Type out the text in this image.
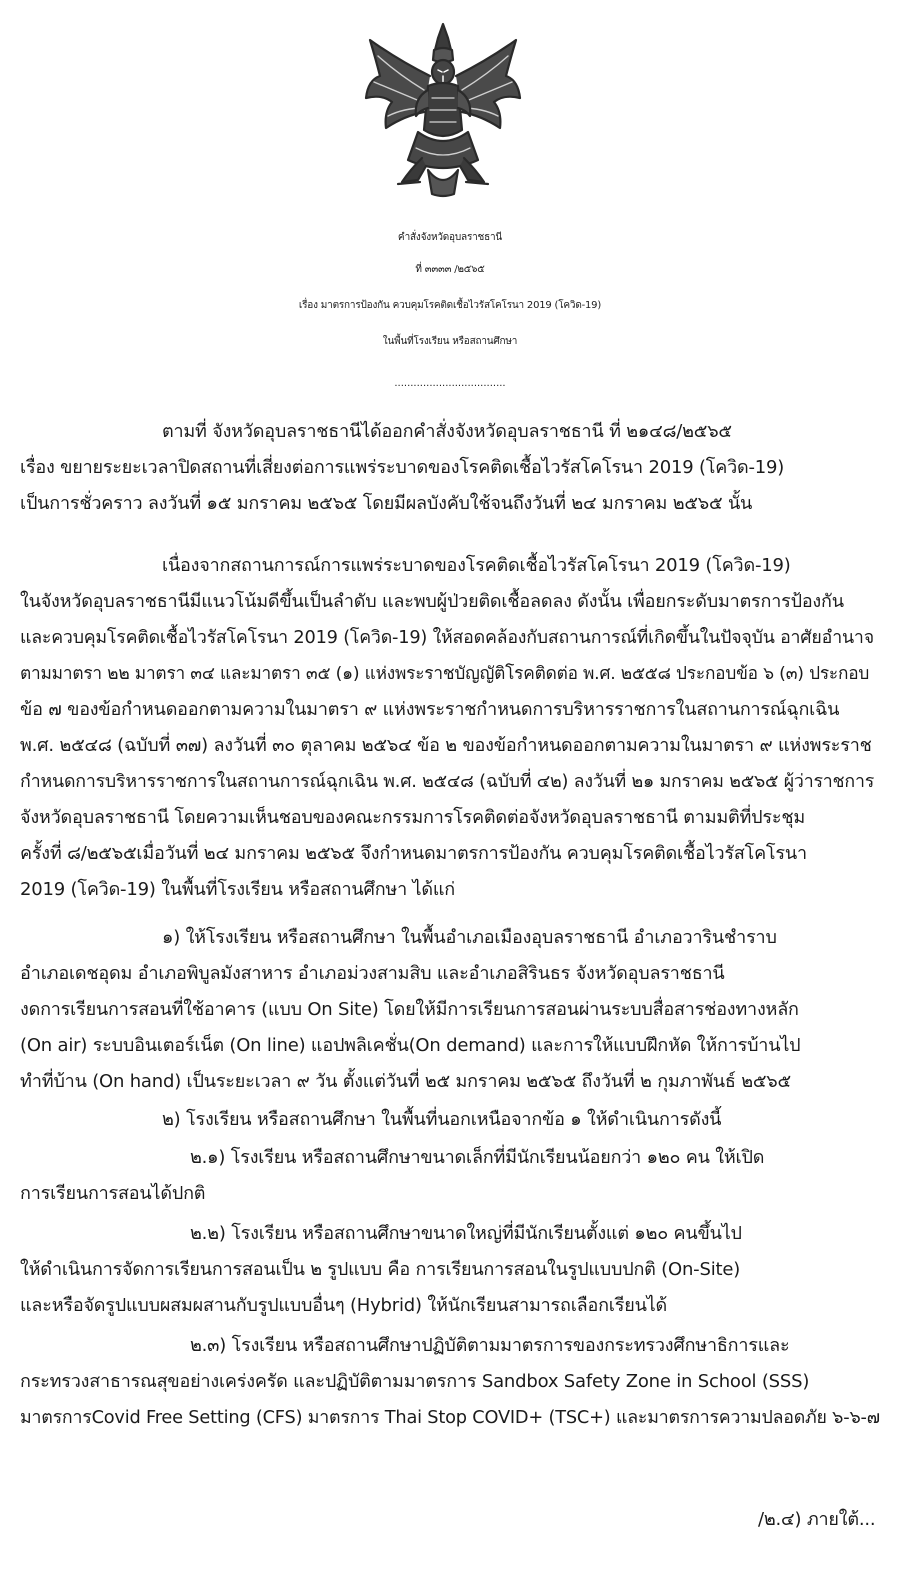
คำสั่งจังหวัดอุบลราชธานี
ที่ ๓๓๓๓ /๒๕๖๕
เรื่อง มาตรการป้องกัน ควบคุมโรคติดเชื้อไวรัสโคโรนา 2019 (โควิด-19)
ในพื้นที่โรงเรียน หรือสถานศึกษา
...................................
ตามที่ จังหวัดอุบลราชธานีได้ออกคำสั่งจังหวัดอุบลราชธานี ที่ ๒๑๔๘/๒๕๖๕
เรื่อง ขยายระยะเวลาปิดสถานที่เสี่ยงต่อการแพร่ระบาดของโรคติดเชื้อไวรัสโคโรนา 2019 (โควิด-19)
เป็นการชั่วคราว ลงวันที่ ๑๕ มกราคม ๒๕๖๕ โดยมีผลบังคับใช้จนถึงวันที่ ๒๔ มกราคม ๒๕๖๕ นั้น
เนื่องจากสถานการณ์การแพร่ระบาดของโรคติดเชื้อไวรัสโคโรนา 2019 (โควิด-19)
ในจังหวัดอุบลราชธานีมีแนวโน้มดีขึ้นเป็นลำดับ และพบผู้ป่วยติดเชื้อลดลง ดังนั้น เพื่อยกระดับมาตรการป้องกัน
และควบคุมโรคติดเชื้อไวรัสโคโรนา 2019 (โควิด-19) ให้สอดคล้องกับสถานการณ์ที่เกิดขึ้นในปัจจุบัน อาศัยอำนาจ
ตามมาตรา ๒๒ มาตรา ๓๔ และมาตรา ๓๕ (๑) แห่งพระราชบัญญัติโรคติดต่อ พ.ศ. ๒๕๕๘ ประกอบข้อ ๖ (๓) ประกอบ
ข้อ ๗ ของข้อกำหนดออกตามความในมาตรา ๙ แห่งพระราชกำหนดการบริหารราชการในสถานการณ์ฉุกเฉิน
พ.ศ. ๒๕๔๘ (ฉบับที่ ๓๗) ลงวันที่ ๓๐ ตุลาคม ๒๕๖๔ ข้อ ๒ ของข้อกำหนดออกตามความในมาตรา ๙ แห่งพระราช
กำหนดการบริหารราชการในสถานการณ์ฉุกเฉิน พ.ศ. ๒๕๔๘ (ฉบับที่ ๔๒) ลงวันที่ ๒๑ มกราคม ๒๕๖๕ ผู้ว่าราชการ
จังหวัดอุบลราชธานี โดยความเห็นชอบของคณะกรรมการโรคติดต่อจังหวัดอุบลราชธานี ตามมติที่ประชุม
ครั้งที่ ๘/๒๕๖๕เมื่อวันที่ ๒๔ มกราคม ๒๕๖๕ จึงกำหนดมาตรการป้องกัน ควบคุมโรคติดเชื้อไวรัสโคโรนา
2019 (โควิด-19) ในพื้นที่โรงเรียน หรือสถานศึกษา ได้แก่
๑) ให้โรงเรียน หรือสถานศึกษา ในพื้นอำเภอเมืองอุบลราชธานี อำเภอวารินชำราบ
อำเภอเดชอุดม อำเภอพิบูลมังสาหาร อำเภอม่วงสามสิบ และอำเภอสิรินธร จังหวัดอุบลราชธานี
งดการเรียนการสอนที่ใช้อาคาร (แบบ On Site) โดยให้มีการเรียนการสอนผ่านระบบสื่อสารช่องทางหลัก
(On air) ระบบอินเตอร์เน็ต (On line) แอปพลิเคชั่น(On demand) และการให้แบบฝึกหัด ให้การบ้านไป
ทำที่บ้าน (On hand) เป็นระยะเวลา ๙ วัน ตั้งแต่วันที่ ๒๕ มกราคม ๒๕๖๕ ถึงวันที่ ๒ กุมภาพันธ์ ๒๕๖๕
๒) โรงเรียน หรือสถานศึกษา ในพื้นที่นอกเหนือจากข้อ ๑ ให้ดำเนินการดังนี้
๒.๑) โรงเรียน หรือสถานศึกษาขนาดเล็กที่มีนักเรียนน้อยกว่า ๑๒๐ คน ให้เปิด
การเรียนการสอนได้ปกติ
๒.๒) โรงเรียน หรือสถานศึกษาขนาดใหญ่ที่มีนักเรียนตั้งแต่ ๑๒๐ คนขึ้นไป
ให้ดำเนินการจัดการเรียนการสอนเป็น ๒ รูปแบบ คือ การเรียนการสอนในรูปแบบปกติ (On-Site)
และหรือจัดรูปแบบผสมผสานกับรูปแบบอื่นๆ (Hybrid) ให้นักเรียนสามารถเลือกเรียนได้
๒.๓) โรงเรียน หรือสถานศึกษาปฏิบัติตามมาตรการของกระทรวงศึกษาธิการและ
กระทรวงสาธารณสุขอย่างเคร่งครัด และปฏิบัติตามมาตรการ Sandbox Safety Zone in School (SSS)
มาตรการCovid Free Setting (CFS) มาตรการ Thai Stop COVID+ (TSC+) และมาตรการความปลอดภัย ๖-๖-๗
/๒.๔) ภายใต้...
